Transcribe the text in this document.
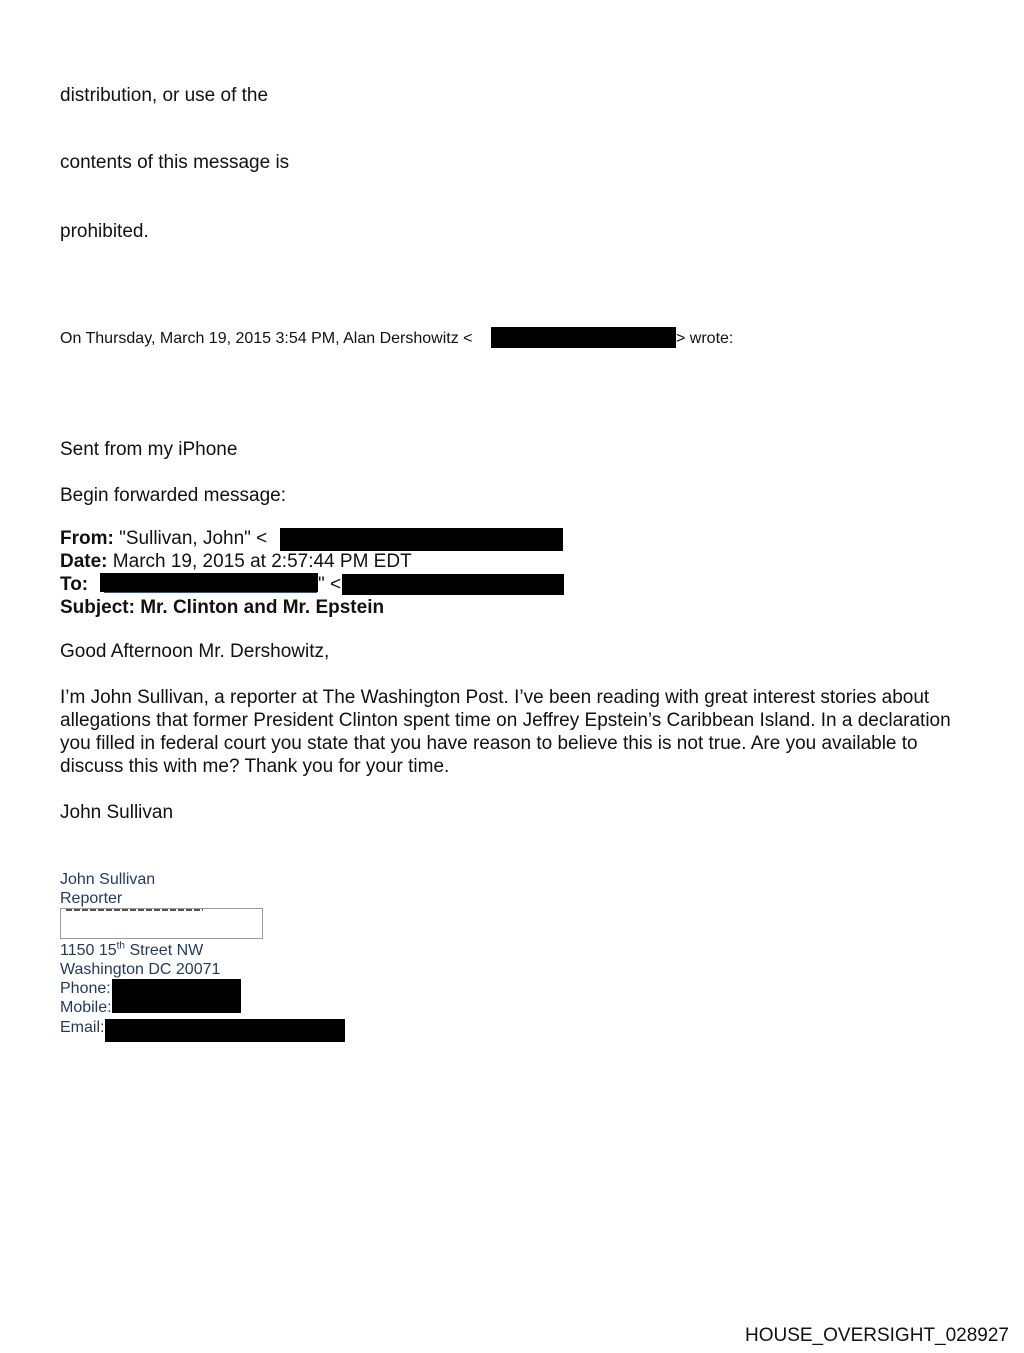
distribution, or use of the
contents of this message is
prohibited.
On Thursday, March 19, 2015 3:54 PM, Alan Dershowitz <	> wrote:
Sent from my iPhone
Begin forwarded message:
From: "Sullivan, John" <
Date: March 19, 2015 at 2:57:44 PM EDT
To:	" <
Subject: Mr. Clinton and Mr. Epstein
Good Afternoon Mr. Dershowitz,
I’m John Sullivan, a reporter at The Washington Post. I’ve been reading with great interest stories about allegations that former President Clinton spent time on Jeffrey Epstein’s Caribbean Island. In a declaration you filled in federal court you state that you have reason to believe this is not true. Are you available to discuss this with me? Thank you for your time.
John Sullivan
John Sullivan
Reporter
1150 15th Street NW
Washington DC 20071
Phone:
Mobile:
Email:
HOUSE_OVERSIGHT_028927
